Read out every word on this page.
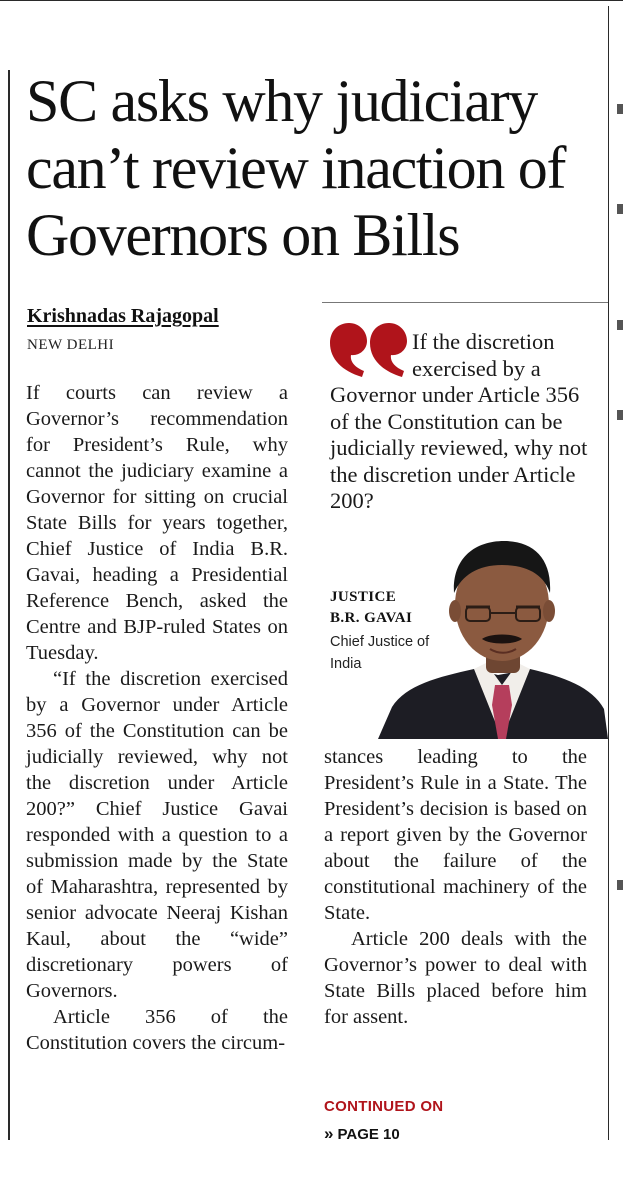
SC asks why judiciary can’t review inaction of Governors on Bills
Krishnadas Rajagopal
NEW DELHI

If courts can review a Governor’s recommendation for President’s Rule, why cannot the judiciary examine a Governor for sitting on crucial State Bills for years together, Chief Justice of India B.R. Gavai, heading a Presidential Reference Bench, asked the Centre and BJP-ruled States on Tuesday.

“If the discretion exercised by a Governor under Article 356 of the Constitution can be judicially reviewed, why not the discretion under Article 200?” Chief Justice Gavai responded with a question to a submission made by the State of Maharashtra, represented by senior advocate Neeraj Kishan Kaul, about the “wide” discretionary powers of Governors.

Article 356 of the Constitution covers the circum-

If the discretion exercised by a Governor under Article 356 of the Constitution can be judicially reviewed, why not the discretion under Article 200?

JUSTICE
B.R. GAVAI
Chief Justice of India

stances leading to the President’s Rule in a State. The President’s decision is based on a report given by the Governor about the failure of the constitutional machinery of the State.

Article 200 deals with the Governor’s power to deal with State Bills placed before him for assent.

CONTINUED ON
» PAGE 10
